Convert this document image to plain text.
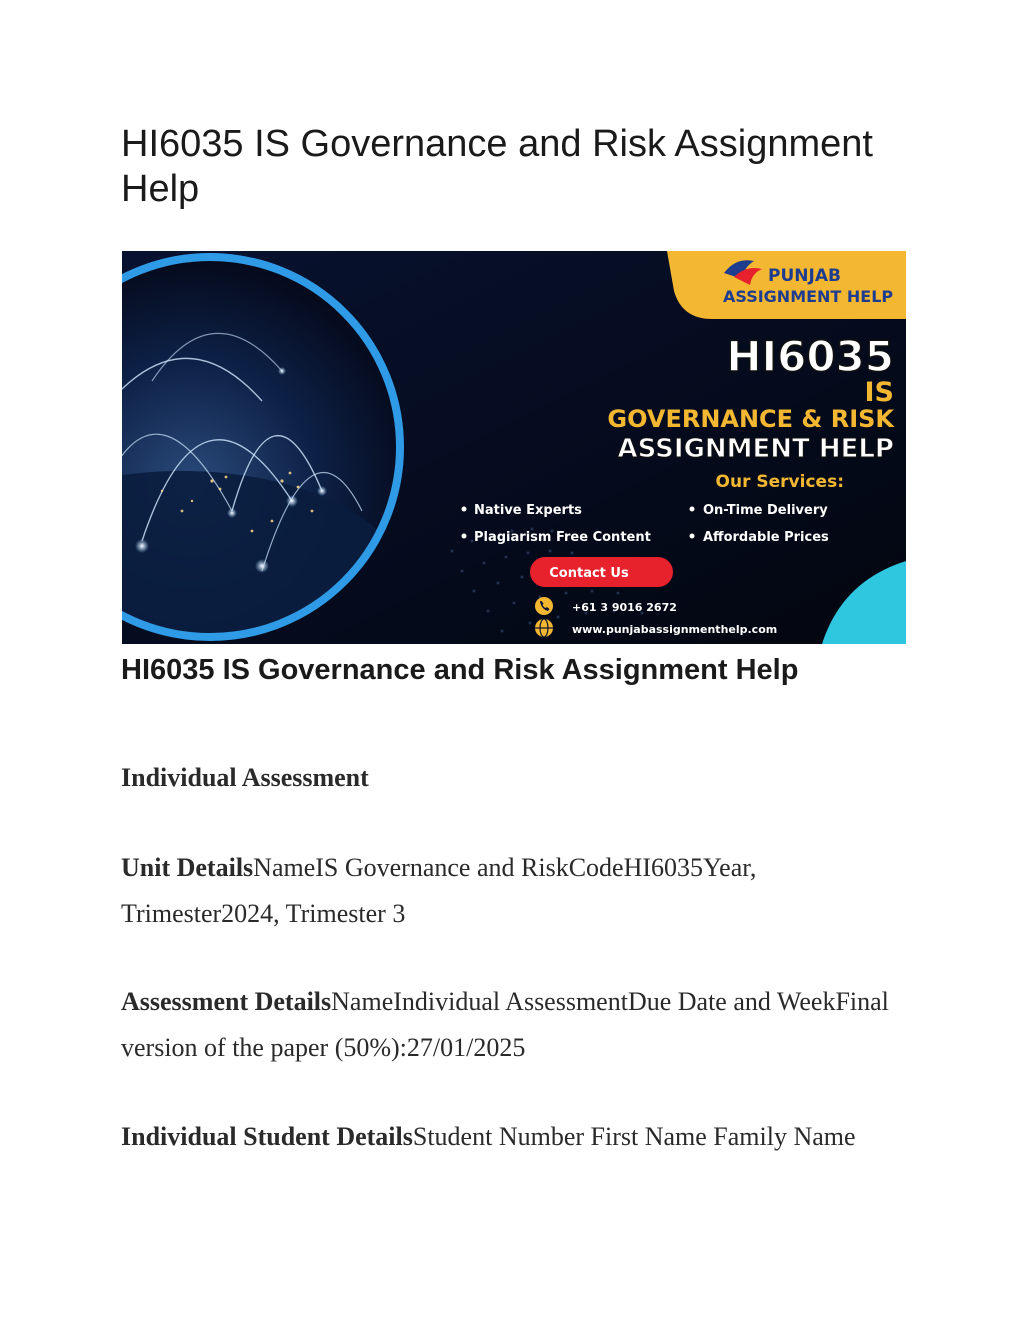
HI6035 IS Governance and Risk Assignment Help
PUNJAB
ASSIGNMENT HELP
HI6035
IS
GOVERNANCE & RISK
ASSIGNMENT HELP
Our Services:
Native Experts	On-Time Delivery
Plagiarism Free Content	Affordable Prices
Contact Us
+61 3 9016 2672
www.punjabassignmenthelp.com
HI6035 IS Governance and Risk Assignment Help
Individual Assessment

Unit DetailsNameIS Governance and RiskCodeHI6035Year, Trimester2024, Trimester 3

Assessment DetailsNameIndividual AssessmentDue Date and WeekFinal version of the paper (50%):27/01/2025

Individual Student DetailsStudent Number First Name Family Name
